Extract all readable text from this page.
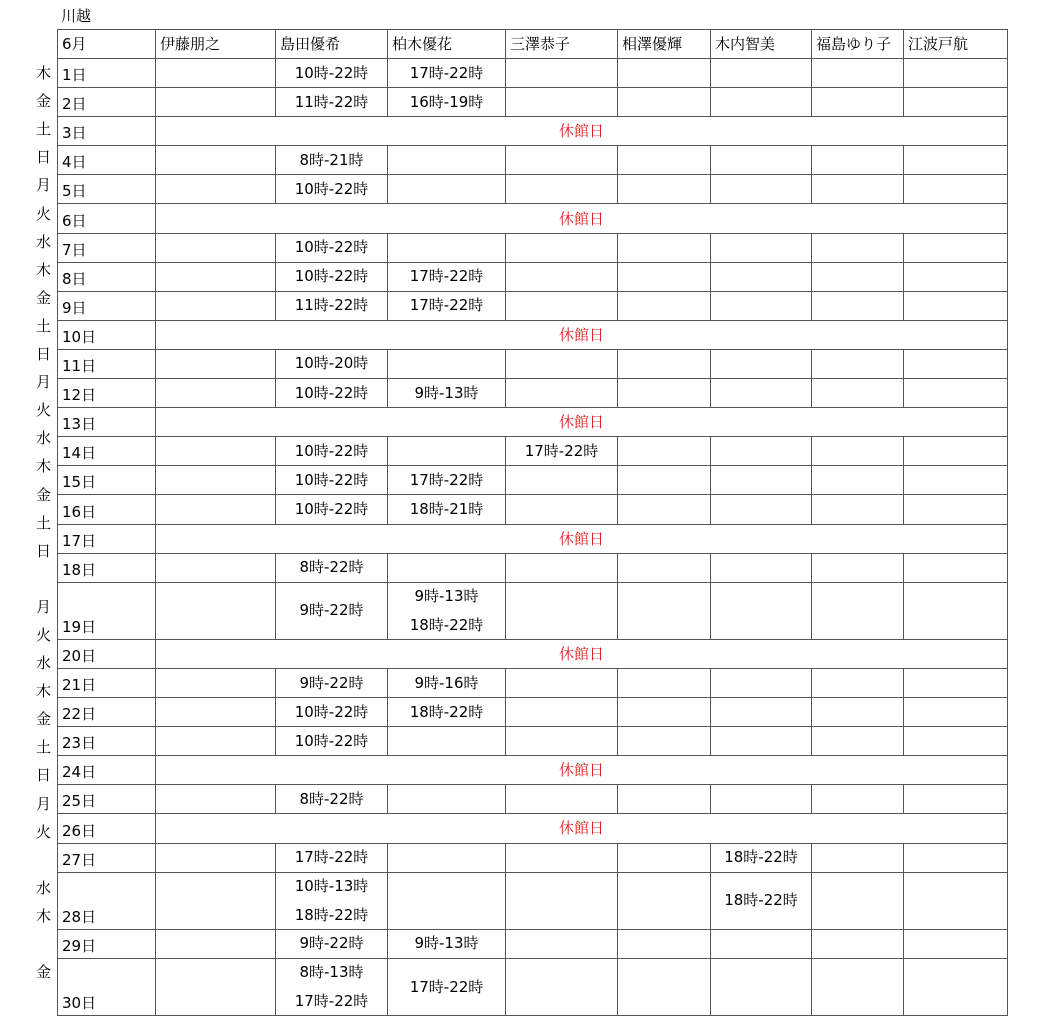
川越
木
金
土
日
月
火
水
木
金
土
日
月
火
水
木
金
土
日
月
火
水
木
金
土
日
月
火
水
木
金
6月	伊藤朋之	島田優希	柏木優花	三澤恭子	相澤優輝	木内智美	福島ゆり子	江波戸航

1日		10時-22時	17時-22時					

2日		11時-22時	16時-19時					

3日	休館日							

4日		8時-21時						

5日		10時-22時						

6日	休館日							

7日		10時-22時						

8日		10時-22時	17時-22時					

9日		11時-22時	17時-22時					

10日	休館日							

11日		10時-20時						

12日		10時-22時	9時-13時					

13日	休館日							

14日		10時-22時		17時-22時				

15日		10時-22時	17時-22時					

16日		10時-22時	18時-21時					

17日	休館日							

18日		8時-22時						

19日		9時-22時	9時-13時
18時-22時					

20日	休館日							

21日		9時-22時	9時-16時					

22日		10時-22時	18時-22時					

23日		10時-22時						

24日	休館日							

25日		8時-22時						

26日	休館日							

27日		17時-22時				18時-22時		

28日		10時-13時
18時-22時				18時-22時		

29日		9時-22時	9時-13時					

30日		8時-13時
17時-22時	17時-22時					
